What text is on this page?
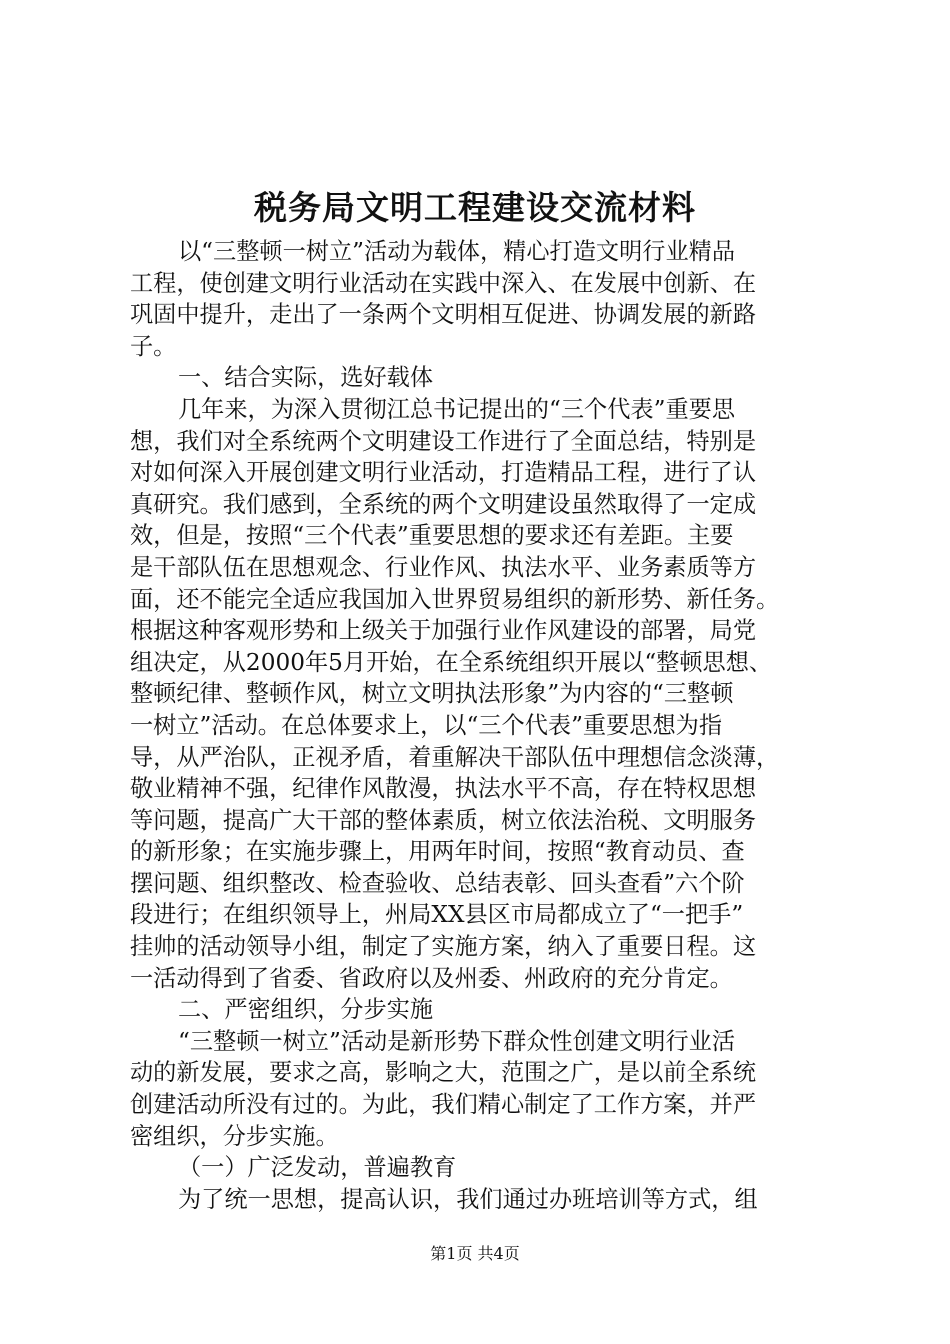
税务局文明工程建设交流材料
以“三整顿一树立”活动为载体，精心打造文明行业精品
工程，使创建文明行业活动在实践中深入、在发展中创新、在
巩固中提升，走出了一条两个文明相互促进、协调发展的新路
子。
一、结合实际，选好载体
几年来，为深入贯彻江总书记提出的“三个代表”重要思
想，我们对全系统两个文明建设工作进行了全面总结，特别是
对如何深入开展创建文明行业活动，打造精品工程，进行了认
真研究。我们感到，全系统的两个文明建设虽然取得了一定成
效，但是，按照“三个代表”重要思想的要求还有差距。主要
是干部队伍在思想观念、行业作风、执法水平、业务素质等方
面，还不能完全适应我国加入世界贸易组织的新形势、新任务。
根据这种客观形势和上级关于加强行业作风建设的部署，局党
组决定，从2000年5月开始，在全系统组织开展以“整顿思想、
整顿纪律、整顿作风，树立文明执法形象”为内容的“三整顿
一树立”活动。在总体要求上，以“三个代表”重要思想为指
导，从严治队，正视矛盾，着重解决干部队伍中理想信念淡薄，
敬业精神不强，纪律作风散漫，执法水平不高，存在特权思想
等问题，提高广大干部的整体素质，树立依法治税、文明服务
的新形象；在实施步骤上，用两年时间，按照“教育动员、查
摆问题、组织整改、检查验收、总结表彰、回头查看”六个阶
段进行；在组织领导上，州局XX县区市局都成立了“一把手”
挂帅的活动领导小组，制定了实施方案，纳入了重要日程。这
一活动得到了省委、省政府以及州委、州政府的充分肯定。
二、严密组织，分步实施
“三整顿一树立”活动是新形势下群众性创建文明行业活
动的新发展，要求之高，影响之大，范围之广，是以前全系统
创建活动所没有过的。为此，我们精心制定了工作方案，并严
密组织，分步实施。
（一）广泛发动，普遍教育
为了统一思想，提高认识，我们通过办班培训等方式，组
第1页 共4页
